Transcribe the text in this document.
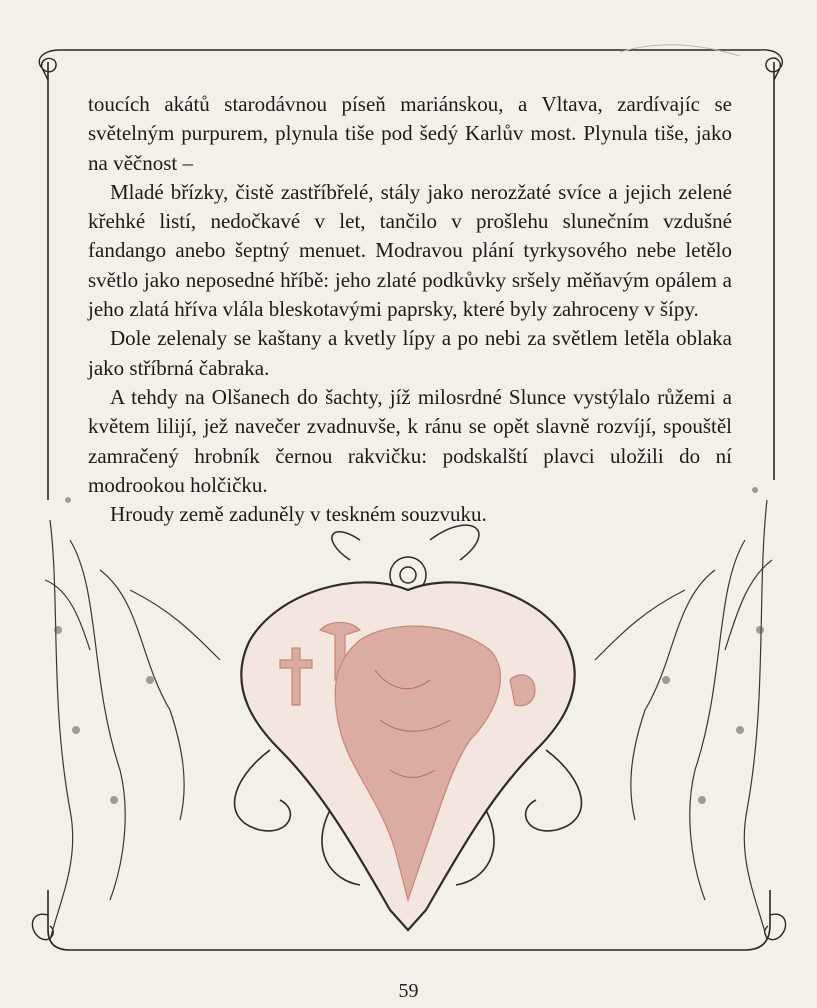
toucích akátů starodávnou píseň mariánskou, a Vltava, zardívajíc se světelným purpurem, plynula tiše pod šedý Karlův most. Plynula tiše, jako na věčnost –

Mladé břízky, čistě zastříbřelé, stály jako nerozžaté svíce a jejich zelené křehké listí, nedočkavé v let, tančilo v prošlehu slunečním vzdušné fandango anebo šeptný menuet. Modravou plání tyrkysového nebe letělo světlo jako neposedné hříbě: jeho zlaté podkůvky sršely měňavým opálem a jeho zlatá hříva vlála bleskotavými paprsky, které byly zahroceny v šípy.

Dole zelenaly se kaštany a kvetly lípy a po nebi za světlem letěla oblaka jako stříbrná čabraka.

A tehdy na Olšanech do šachty, jíž milosrdné Slunce vystýlalo růžemi a květem lilijí, jež navečer zvadnuvše, k ránu se opět slavně rozvíjí, spouštěl zamračený hrobník černou rakvičku: podskalští plavci uložili do ní modrookou holčičku.

Hroudy země zaduněly v teskném souzvuku.

59
